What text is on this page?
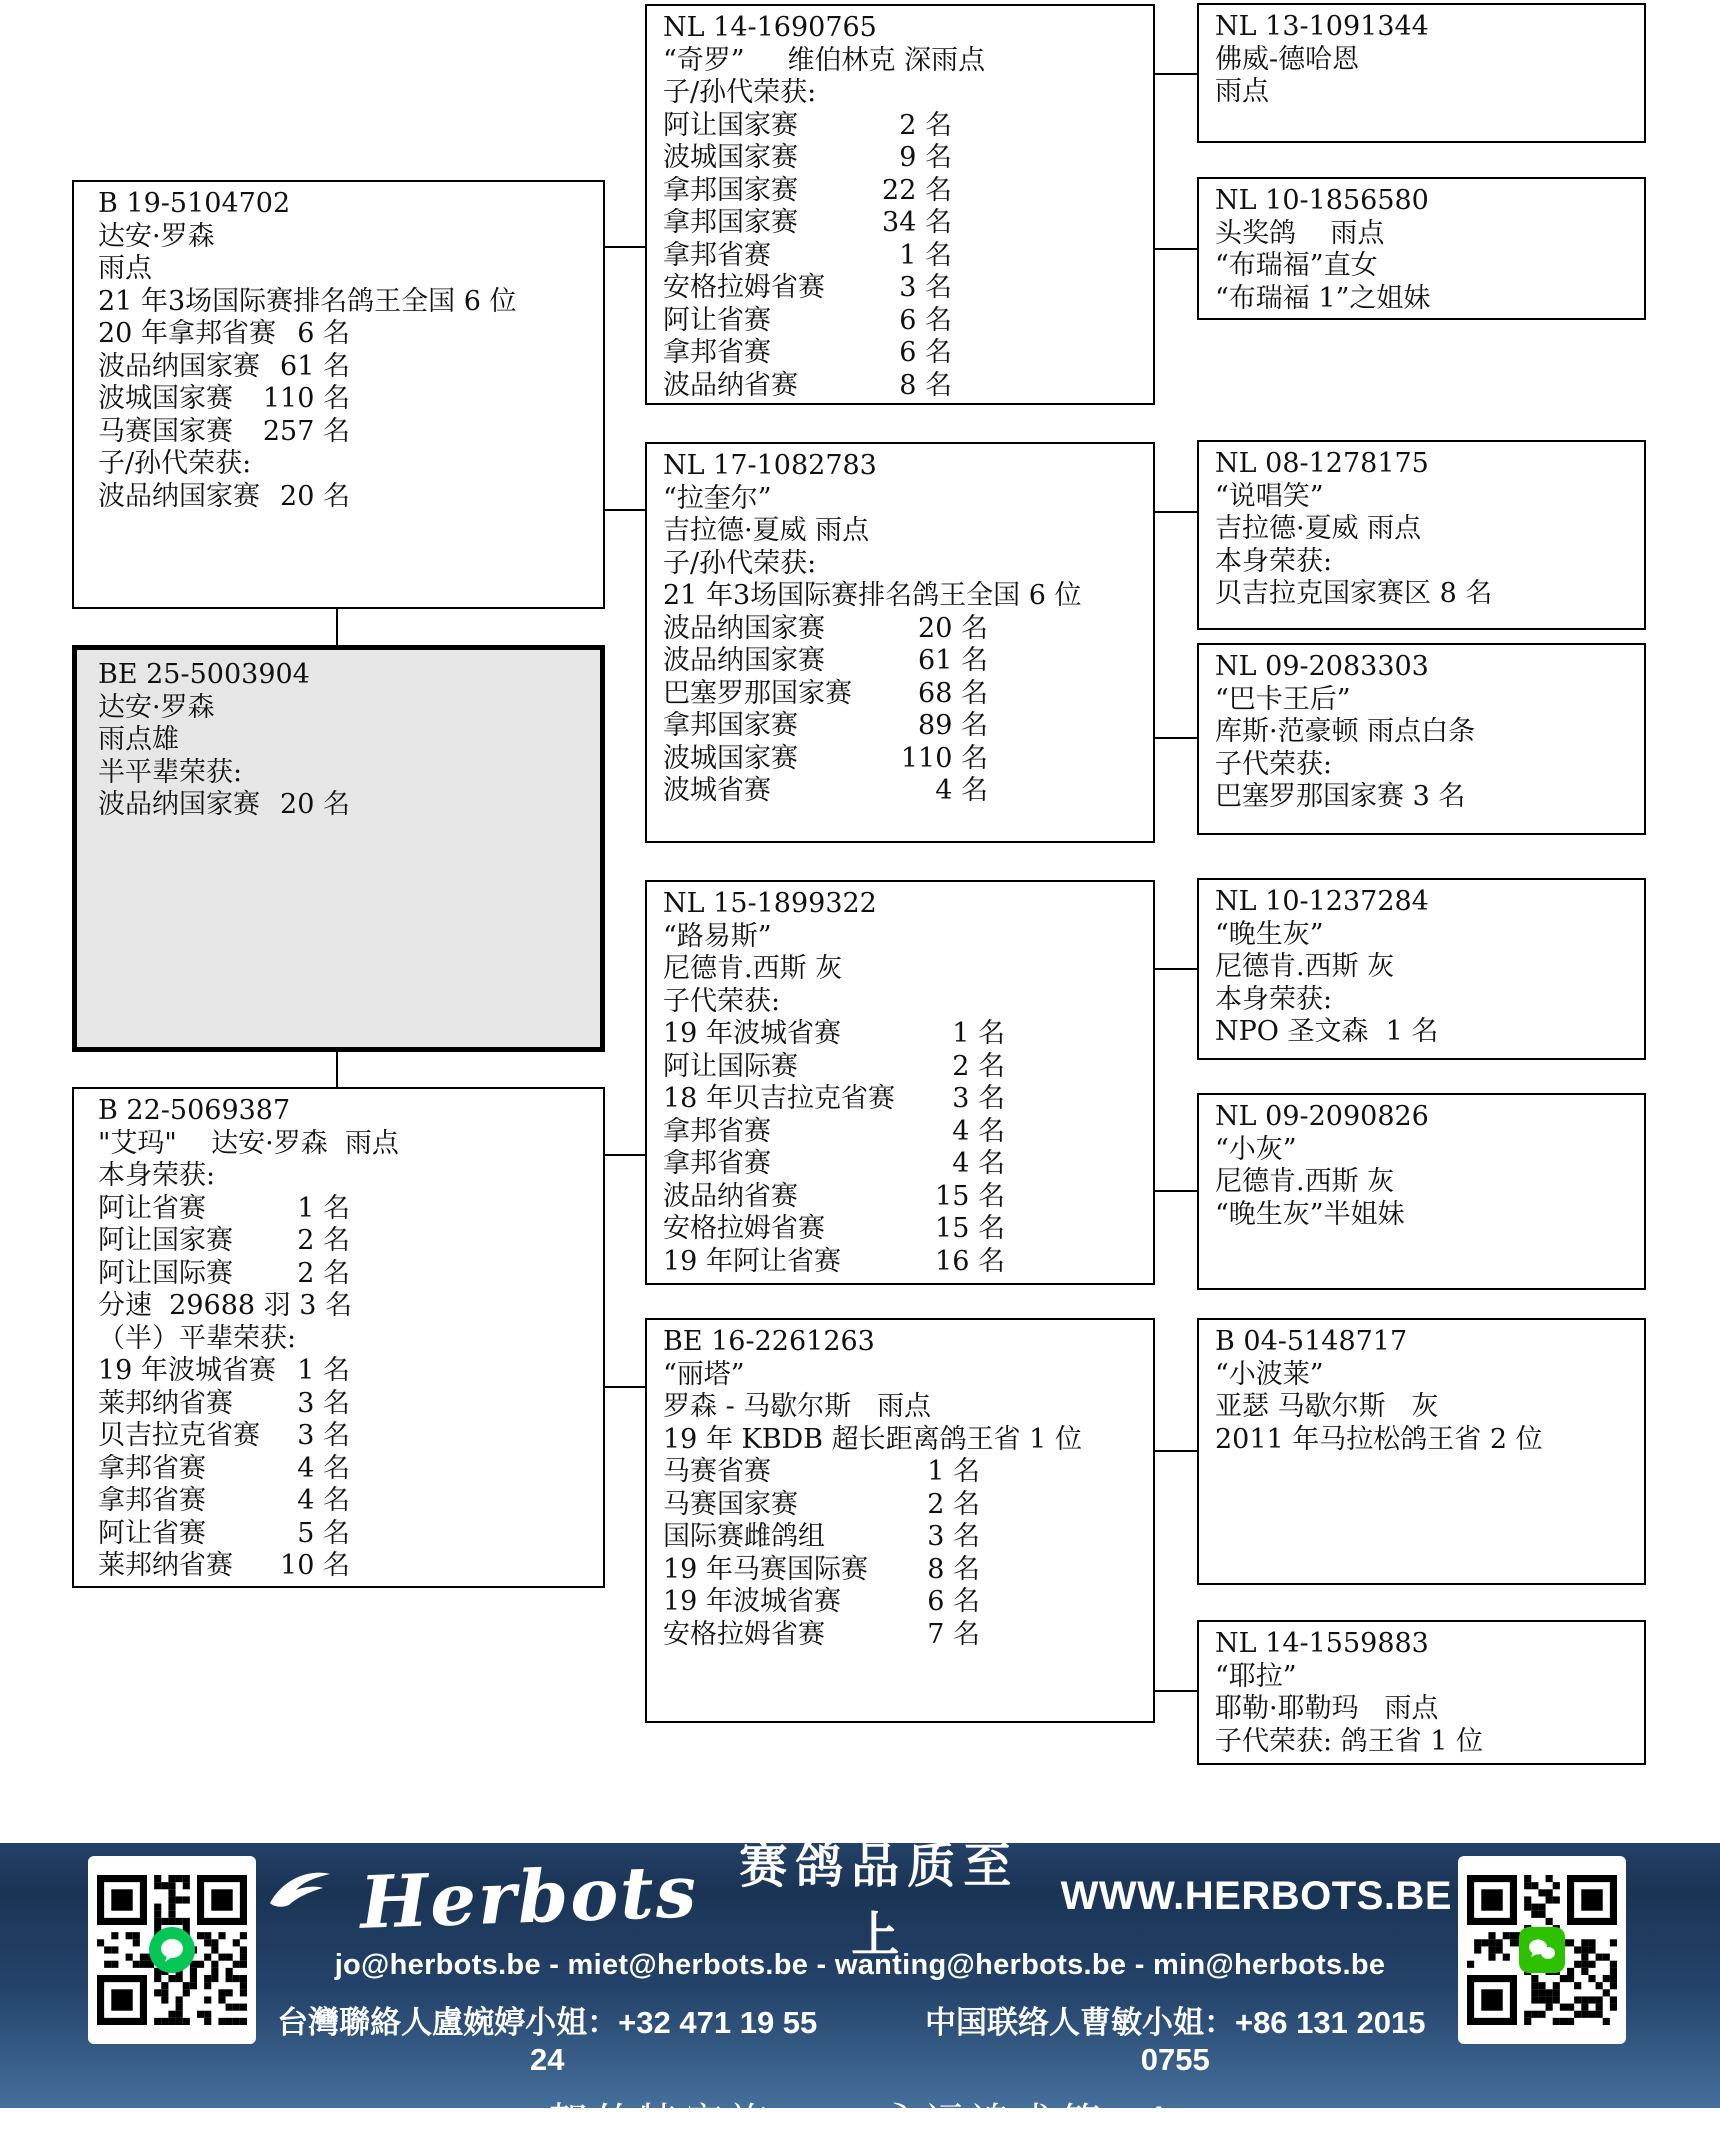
B 19-5104702
达安·罗森
雨点
21 年3场国际赛排名鸽王全国 6 位
20 年拿邦省赛 6 名
波品纳国家赛 61 名
波城国家赛 110 名
马赛国家赛 257 名
子/孙代荣获:
波品纳国家赛 20 名
BE 25-5003904
达安·罗森
雨点雄
半平辈荣获:
波品纳国家赛 20 名
B 22-5069387
"艾玛"    达安·罗森  雨点
本身荣获:
阿让省赛	1 名
阿让国家赛 2 名
阿让国际赛 2 名
分速  29688 羽 3 名
（半）平辈荣获:
19 年波城省赛 1 名
莱邦纳省赛 3 名
贝吉拉克省赛 3 名
拿邦省赛	4 名
拿邦省赛	4 名
阿让省赛	5 名
莱邦纳省赛 10 名
NL 14-1690765
“奇罗”     维伯林克 深雨点
子/孙代荣获:
阿让国家赛	2 名
波城国家赛	9 名
拿邦国家赛	22 名
拿邦国家赛	34 名
拿邦省赛	1 名
安格拉姆省赛	3 名
阿让省赛	6 名
拿邦省赛	6 名
波品纳省赛	8 名
NL 17-1082783
“拉奎尔”
吉拉德·夏威 雨点
子/孙代荣获:
21 年3场国际赛排名鸽王全国 6 位
波品纳国家赛	20 名
波品纳国家赛	61 名
巴塞罗那国家赛 68 名
拿邦国家赛	89 名
波城国家赛	110 名
波城省赛	4 名
NL 15-1899322
“路易斯”
尼德肯.西斯 灰
子代荣获:
19 年波城省赛	1 名
阿让国际赛	2 名
18 年贝吉拉克省赛 3 名
拿邦省赛	4 名
拿邦省赛	4 名
波品纳省赛	15 名
安格拉姆省赛	15 名
19 年阿让省赛	16 名
BE 16-2261263
“丽塔”
罗森 - 马歇尔斯   雨点
19 年 KBDB 超长距离鸽王省 1 位
马赛省赛	1 名
马赛国家赛	2 名
国际赛雌鸽组	3 名
19 年马赛国际赛 8 名
19 年波城省赛	6 名
安格拉姆省赛	7 名
NL 13-1091344
佛威-德哈恩
雨点
NL 10-1856580
头奖鸽    雨点
“布瑞福”直女
“布瑞福 1”之姐妹
NL 08-1278175
“说唱笑”
吉拉德·夏威 雨点
本身荣获:
贝吉拉克国家赛区 8 名
NL 09-2083303
“巴卡王后”
库斯·范豪顿 雨点白条
子代荣获:
巴塞罗那国家赛 3 名
NL 10-1237284
“晚生灰”
尼德肯.西斯 灰
本身荣获:
NPO 圣文森  1 名
NL 09-2090826
“小灰”
尼德肯.西斯 灰
“晚生灰”半姐妹
B 04-5148717
“小波莱”
亚瑟 马歇尔斯   灰
2011 年马拉松鸽王省 2 位
NL 14-1559883
“耶拉”
耶勒·耶勒玛   雨点
子代荣获: 鸽王省 1 位
Herbots 赛鸽品质至上
WWW.HERBOTS.BE
jo@herbots.be - miet@herbots.be - wanting@herbots.be - min@herbots.be
台灣聯絡人盧婉婷小姐：+32 471 19 55 24
中国联络人曹敏小姐：+86 131 2015 0755
贺伯特家族—— 永远追求第一!
